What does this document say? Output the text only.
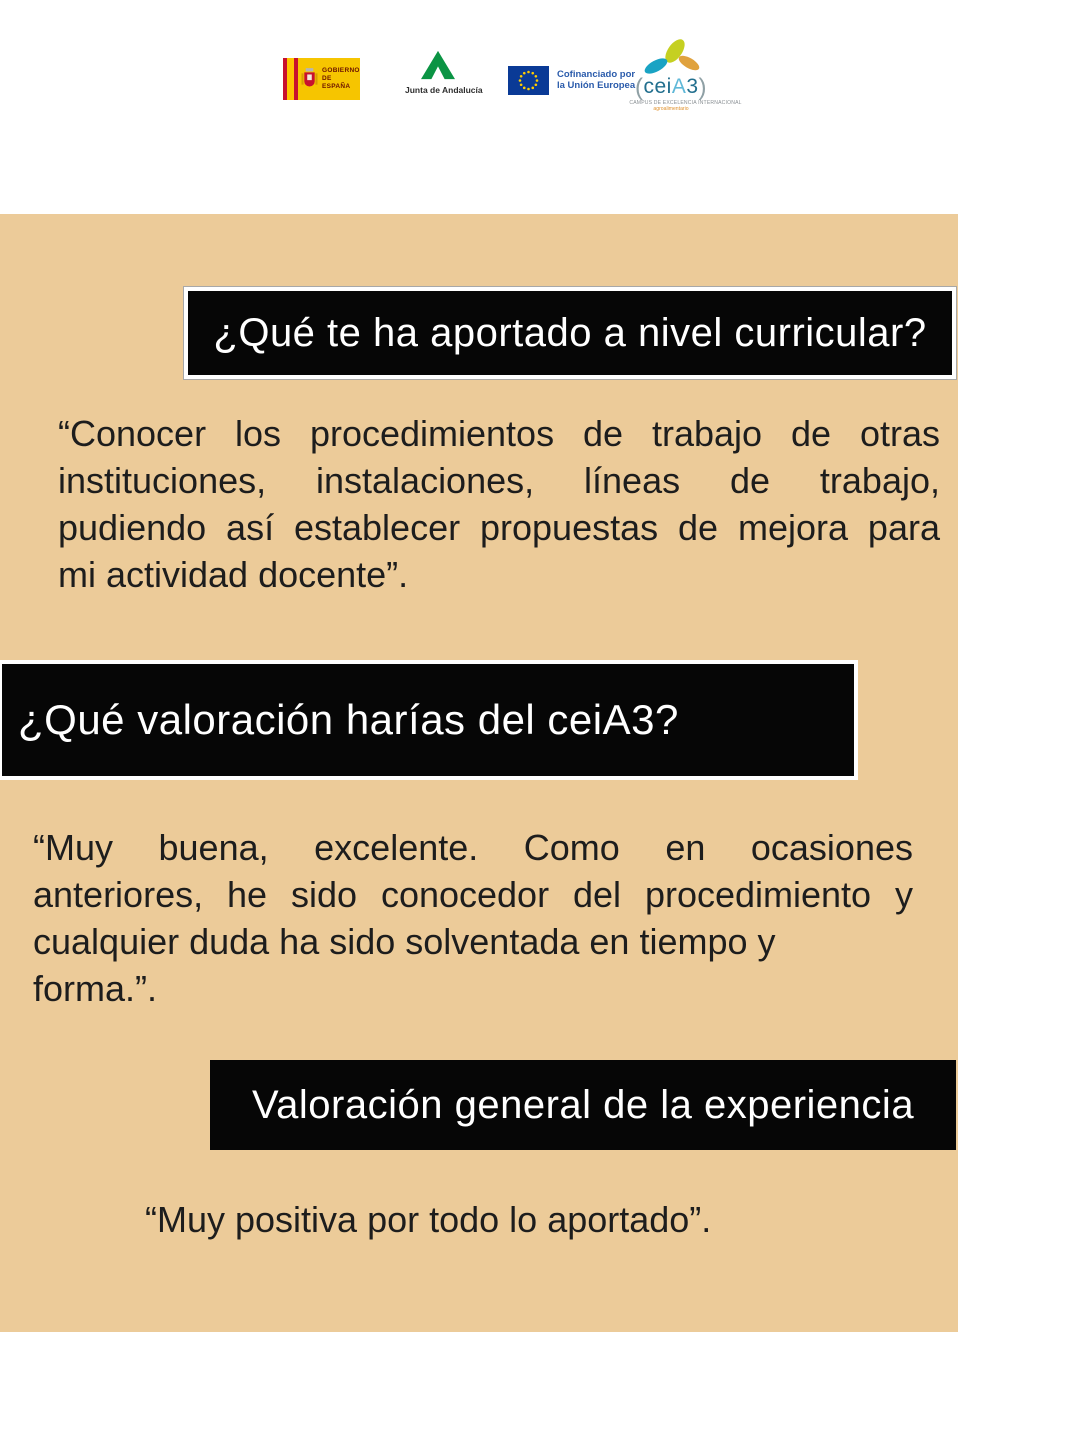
GOBIERNO
DE ESPAÑA	Junta de Andalucía
Cofinanciado por
la Unión Europea (ceiA3)
CAMPUS DE EXCELENCIA INTERNACIONAL
agroalimentario
¿Qué te ha aportado a nivel curricular?
“Conocer los procedimientos de trabajo de otras
instituciones, instalaciones, líneas de trabajo,
pudiendo así establecer propuestas de mejora para
mi actividad docente”.
¿Qué valoración harías del ceiA3?
“Muy buena, excelente. Como en ocasiones
anteriores, he sido conocedor del procedimiento y
cualquier duda ha sido solventada en tiempo y
forma.”.
Valoración general de la experiencia
“Muy positiva por todo lo aportado”.
